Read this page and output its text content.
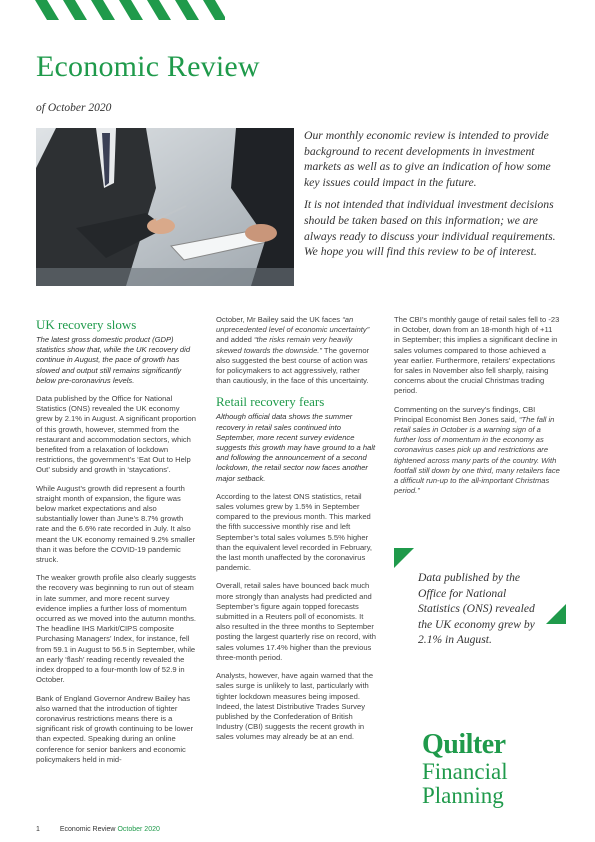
Economic Review
of October 2020

Our monthly economic review is intended to provide background to recent developments in investment markets as well as to give an indication of how some key issues could impact in the future.

It is not intended that individual investment decisions should be taken based on this information; we are always ready to discuss your individual requirements. We hope you will find this review to be of interest.

UK recovery slows

The latest gross domestic product (GDP) statistics show that, while the UK recovery did continue in August, the pace of growth has slowed and output still remains significantly below pre-coronavirus levels.

Data published by the Office for National Statistics (ONS) revealed the UK economy grew by 2.1% in August. A significant proportion of this growth, however, stemmed from the restaurant and accommodation sectors, which benefited from a relaxation of lockdown restrictions, the government’s ‘Eat Out to Help Out’ subsidy and growth in ‘staycations’.

While August’s growth did represent a fourth straight month of expansion, the figure was below market expectations and also substantially lower than June’s 8.7% growth rate and the 6.6% rate recorded in July. It also meant the UK economy remained 9.2% smaller than it was before the COVID-19 pandemic struck.

The weaker growth profile also clearly suggests the recovery was beginning to run out of steam in late summer, and more recent survey evidence implies a further loss of momentum occurred as we moved into the autumn months. The headline IHS Markit/CIPS composite Purchasing Managers’ Index, for instance, fell from 59.1 in August to 56.5 in September, while an early ‘flash’ reading recently revealed the index dropped to a four-month low of 52.9 in October.

Bank of England Governor Andrew Bailey has also warned that the introduction of tighter coronavirus restrictions means there is a significant risk of growth continuing to be lower than expected. Speaking during an online conference for senior bankers and economic policymakers held in mid-

October, Mr Bailey said the UK faces “an unprecedented level of economic uncertainty” and added “the risks remain very heavily skewed towards the downside.” The governor also suggested the best course of action was for policymakers to act aggressively, rather than cautiously, in the face of this uncertainty.

Retail recovery fears

Although official data shows the summer recovery in retail sales continued into September, more recent survey evidence suggests this growth may have ground to a halt and following the announcement of a second lockdown, the retail sector now faces another major setback.

According to the latest ONS statistics, retail sales volumes grew by 1.5% in September compared to the previous month. This marked the fifth successive monthly rise and left September’s total sales volumes 5.5% higher than the equivalent level recorded in February, the last month unaffected by the coronavirus pandemic.

Overall, retail sales have bounced back much more strongly than analysts had predicted and September’s figure again topped forecasts submitted in a Reuters poll of economists. It also resulted in the three months to September posting the largest quarterly rise on record, with sales volumes 17.4% higher than the previous three-month period.

Analysts, however, have again warned that the sales surge is unlikely to last, particularly with tighter lockdown measures being imposed. Indeed, the latest Distributive Trades Survey published by the Confederation of British Industry (CBI) suggests the recent growth in sales volumes may already be at an end.

The CBI’s monthly gauge of retail sales fell to -23 in October, down from an 18-month high of +11 in September; this implies a significant decline in sales volumes compared to those achieved a year earlier. Furthermore, retailers’ expectations for sales in November also fell sharply, raising concerns about the crucial Christmas trading period.

Commenting on the survey’s findings, CBI Principal Economist Ben Jones said, “The fall in retail sales in October is a warning sign of a further loss of momentum in the economy as coronavirus cases pick up and restrictions are tightened across many parts of the country. With footfall still down by one third, many retailers face a difficult run-up to the all-important Christmas period.”

Data published by the Office for National Statistics (ONS) revealed the UK economy grew by 2.1% in August.
Quilter
Financial
Planning
1	Economic Review October 2020
